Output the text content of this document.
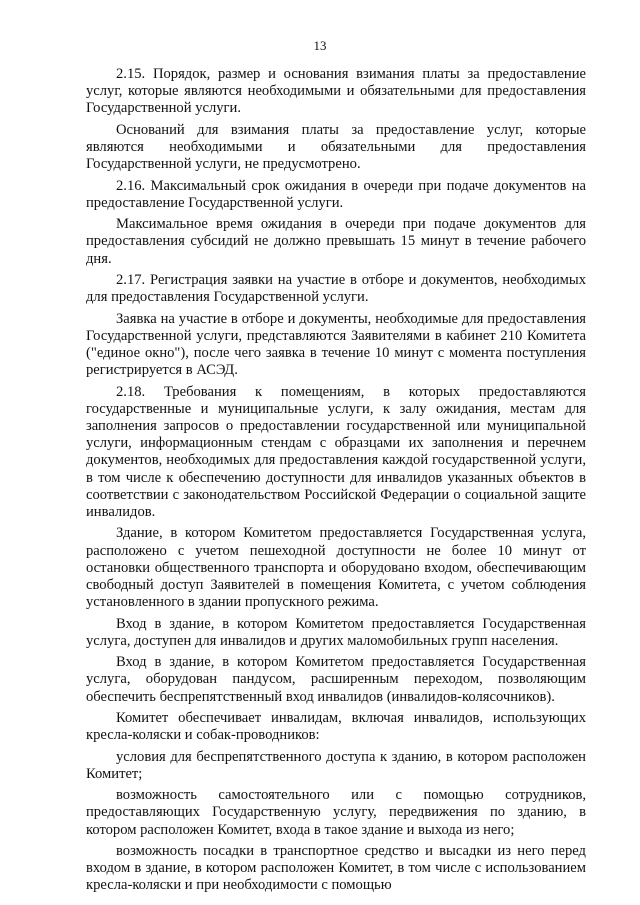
13

2.15. Порядок, размер и основания взимания платы за предоставление услуг, которые являются необходимыми и обязательными для предоставления Государственной услуги.

Оснований для взимания платы за предоставление услуг, которые являются необходимыми и обязательными для предоставления Государственной услуги, не предусмотрено.

2.16. Максимальный срок ожидания в очереди при подаче документов на предоставление Государственной услуги.

Максимальное время ожидания в очереди при подаче документов для предоставления субсидий не должно превышать 15 минут в течение рабочего дня.

2.17. Регистрация заявки на участие в отборе и документов, необходимых для предоставления Государственной услуги.

Заявка на участие в отборе и документы, необходимые для предоставления Государственной услуги, представляются Заявителями в кабинет 210 Комитета ("единое окно"), после чего заявка в течение 10 минут с момента поступления регистрируется в АСЭД.

2.18. Требования к помещениям, в которых предоставляются государственные и муниципальные услуги, к залу ожидания, местам для заполнения запросов о предоставлении государственной или муниципальной услуги, информационным стендам с образцами их заполнения и перечнем документов, необходимых для предоставления каждой государственной услуги, в том числе к обеспечению доступности для инвалидов указанных объектов в соответствии с законодательством Российской Федерации о социальной защите инвалидов.

Здание, в котором Комитетом предоставляется Государственная услуга, расположено с учетом пешеходной доступности не более 10 минут от остановки общественного транспорта и оборудовано входом, обеспечивающим свободный доступ Заявителей в помещения Комитета, с учетом соблюдения установленного в здании пропускного режима.

Вход в здание, в котором Комитетом предоставляется Государственная услуга, доступен для инвалидов и других маломобильных групп населения.

Вход в здание, в котором Комитетом предоставляется Государственная услуга, оборудован пандусом, расширенным переходом, позволяющим обеспечить беспрепятственный вход инвалидов (инвалидов-колясочников).

Комитет обеспечивает инвалидам, включая инвалидов, использующих кресла-коляски и собак-проводников:

условия для беспрепятственного доступа к зданию, в котором расположен Комитет;

возможность самостоятельного или с помощью сотрудников, предоставляющих Государственную услугу, передвижения по зданию, в котором расположен Комитет, входа в такое здание и выхода из него;

возможность посадки в транспортное средство и высадки из него перед входом в здание, в котором расположен Комитет, в том числе с использованием кресла-коляски и при необходимости с помощью
